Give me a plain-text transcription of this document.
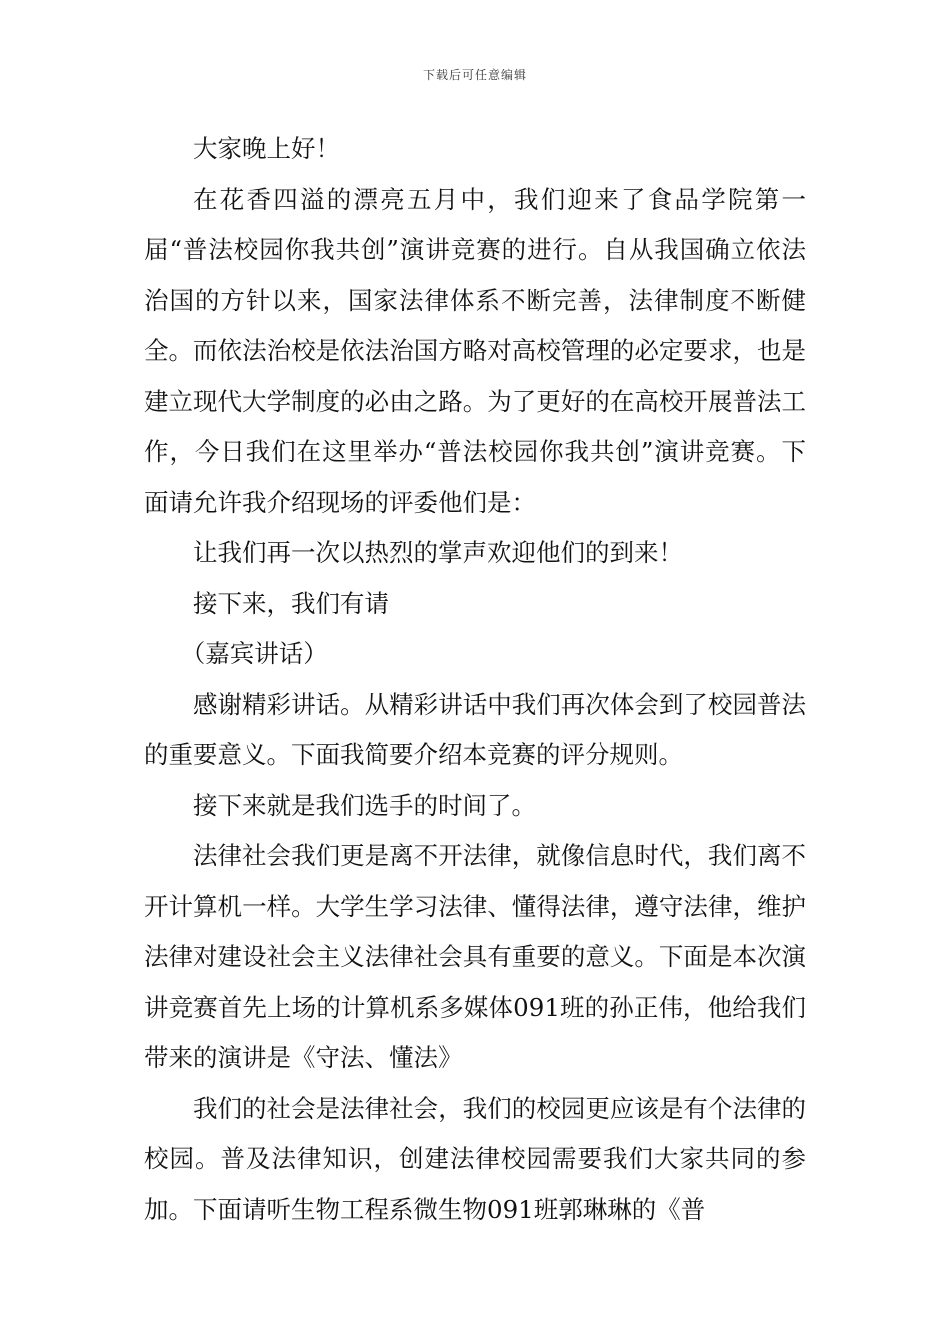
下载后可任意编辑

大家晚上好！

在花香四溢的漂亮五月中，我们迎来了食品学院第一届“普法校园你我共创”演讲竞赛的进行。自从我国确立依法治国的方针以来，国家法律体系不断完善，法律制度不断健全。而依法治校是依法治国方略对高校管理的必定要求，也是建立现代大学制度的必由之路。为了更好的在高校开展普法工作，今日我们在这里举办“普法校园你我共创”演讲竞赛。下面请允许我介绍现场的评委他们是：

让我们再一次以热烈的掌声欢迎他们的到来！

接下来，我们有请

（嘉宾讲话）

感谢精彩讲话。从精彩讲话中我们再次体会到了校园普法的重要意义。下面我简要介绍本竞赛的评分规则。

接下来就是我们选手的时间了。

法律社会我们更是离不开法律，就像信息时代，我们离不开计算机一样。大学生学习法律、懂得法律，遵守法律，维护法律对建设社会主义法律社会具有重要的意义。下面是本次演讲竞赛首先上场的计算机系多媒体091班的孙正伟，他给我们带来的演讲是《守法、懂法》

我们的社会是法律社会，我们的校园更应该是有个法律的校园。普及法律知识，创建法律校园需要我们大家共同的参加。下面请听生物工程系微生物091班郭琳琳的《普
